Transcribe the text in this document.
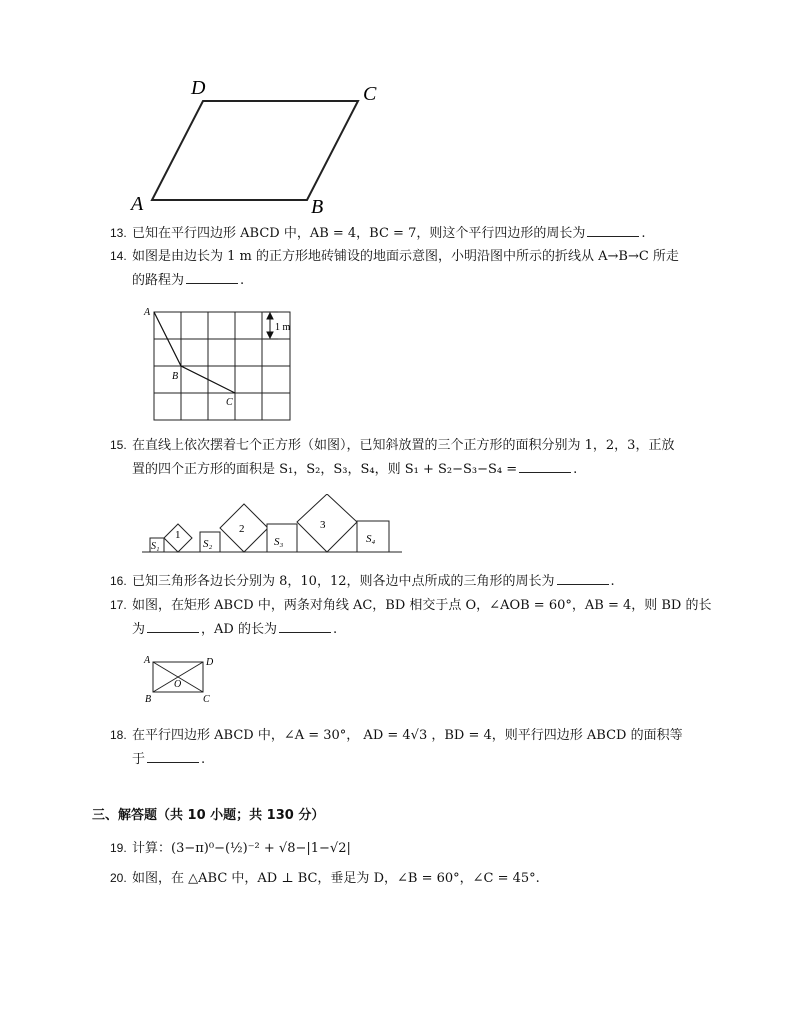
D	C
A	B
13. 已知在平行四边形 ABCD 中，AB = 4，BC = 7，则这个平行四边形的周长为	.
14. 如图是由边长为 1 m 的正方形地砖铺设的地面示意图，小明沿图中所示的折线从 A→B→C 所走
的路程为	.
A
B
C
1 m
15. 在直线上依次摆着七个正方形（如图），已知斜放置的三个正方形的面积分别为 1，2，3，正放
置的四个正方形的面积是 S₁，S₂，S₃，S₄，则 S₁ + S₂−S₃−S₄ =	.
S₁
1
S₂
2
S₃
3
S₄
16. 已知三角形各边长分别为 8，10，12，则各边中点所成的三角形的周长为	.
17. 如图，在矩形 ABCD 中，两条对角线 AC，BD 相交于点 O，∠AOB = 60°，AB = 4，则 BD 的长
为	，AD 的长为	.
A	D
O
B	C
18. 在平行四边形 ABCD 中，∠A = 30°， AD = 4√3 ，BD = 4，则平行四边形 ABCD 的面积等
于	.
三、解答题（共 10 小题；共 130 分）
19. 计算：(3−π)⁰−(½)⁻² + √8−|1−√2|
20. 如图，在 △ABC 中，AD ⊥ BC，垂足为 D，∠B = 60°，∠C = 45°.
